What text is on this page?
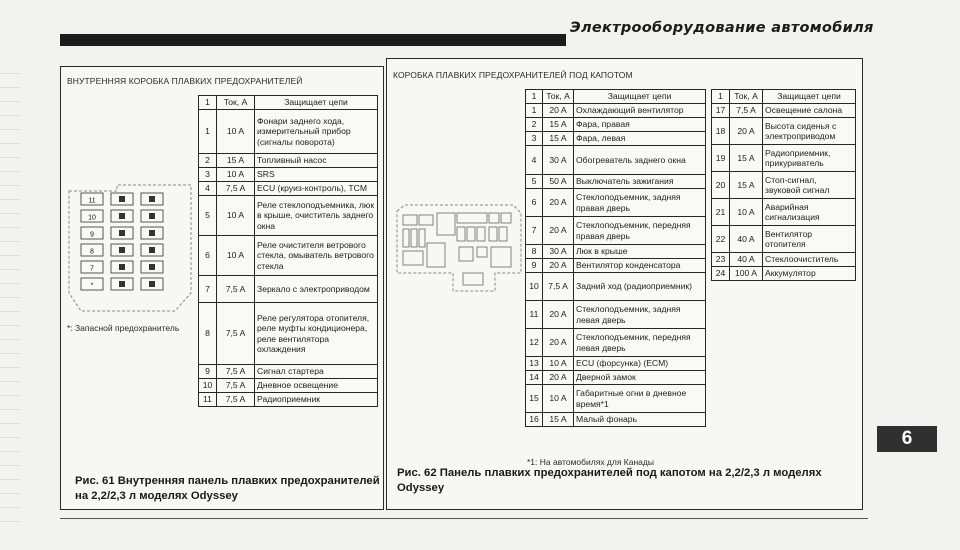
Электрооборудование автомобиля
ВНУТРЕННЯЯ КОРОБКА ПЛАВКИХ ПРЕДОХРАНИТЕЛЕЙ
11
10
9
8
7
*
*: Запасной предохранитель
1	Ток, А	Защищает цепи
1	10 A	Фонари заднего хода, измерительный прибор (сигналы поворота)
2	15 A	Топливный насос
3	10 A	SRS
4	7,5 A	ECU (круиз-контроль), TCM
5	10 A	Реле стеклоподъемника, люк в крыше, очиститель заднего окна
6	10 A	Реле очистителя ветрового стекла, омыватель ветрового стекла
7	7,5 A	Зеркало с электроприводом
8	7,5 A	Реле регулятора отопителя, реле муфты кондиционера, реле вентилятора охлаждения
9	7,5 A	Сигнал стартера
10	7,5 A	Дневное освещение
11	7,5 A	Радиоприемник
Рис. 61 Внутренняя панель плавких предохранителей на 2,2/2,3 л моделях Odyssey
КОРОБКА ПЛАВКИХ ПРЕДОХРАНИТЕЛЕЙ ПОД КАПОТОМ
1	Ток, А	Защищает цепи
1	20 A	Охлаждающий вентилятор
2	15 A	Фара, правая
3	15 A	Фара, левая
4	30 A	Обогреватель заднего окна
5	50 A	Выключатель зажигания
6	20 A	Стеклоподъемник, задняя правая дверь
7	20 A	Стеклоподъемник, передняя правая дверь
8	30 A	Люк в крыше
9	20 A	Вентилятор конденсатора
10	7,5 A	Задний ход (радиоприемник)
11	20 A	Стеклоподъемник, задняя левая дверь
12	20 A	Стеклоподъемник, передняя левая дверь
13	10 A	ECU (форсунка) (ECM)
14	20 A	Дверной замок
15	10 A	Габаритные огни в дневное время*1
16	15 A	Малый фонарь
1	Ток, А	Защищает цепи
17	7,5 A	Освещение салона
18	20 A	Высота сиденья с электроприводом
19	15 A	Радиоприемник, прикуриватель
20	15 A	Стоп-сигнал, звуковой сигнал
21	10 A	Аварийная сигнализация
22	40 A	Вентилятор отопителя
23	40 A	Стеклоочиститель
24	100 A	Аккумулятор
*1: На автомобилях для Канады
Рис. 62 Панель плавких предохранителей под капотом на 2,2/2,3 л моделях Odyssey
6
